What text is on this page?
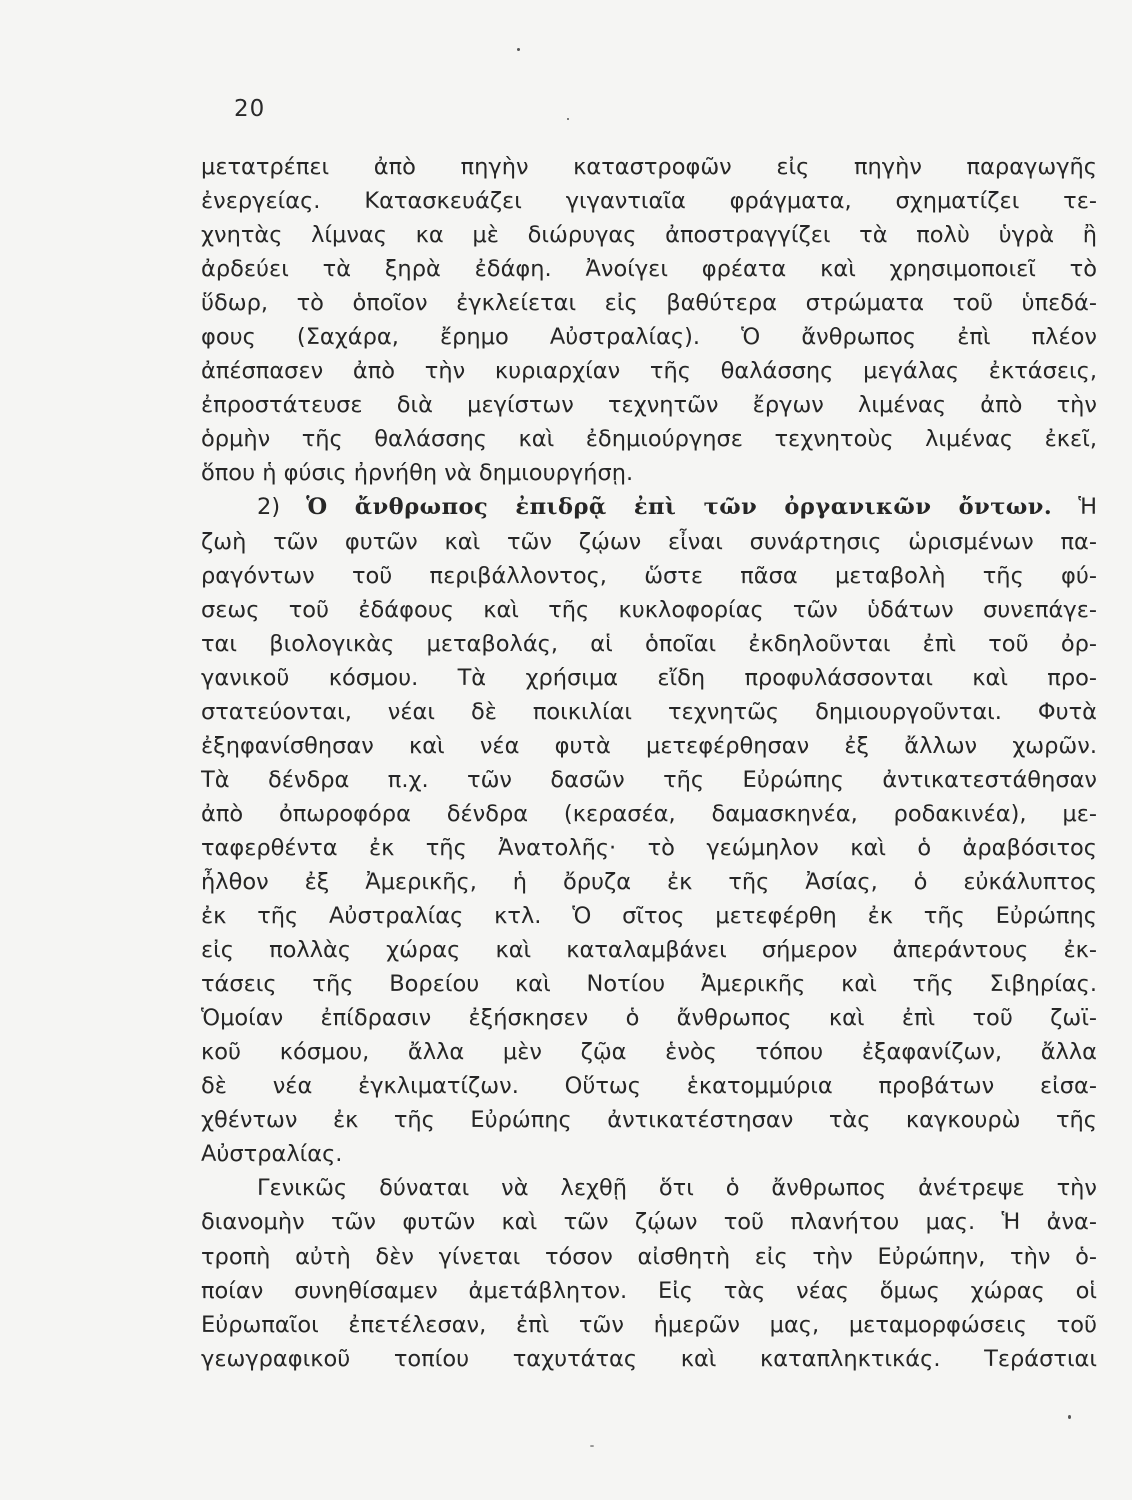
20
μετατρέπει ἀπὸ πηγὴν καταστροφῶν εἰς πηγὴν παραγωγῆς
ἐνεργείας. Κατασκευάζει γιγαντιαῖα φράγματα, σχηματίζει τε-
χνητὰς λίμνας κα μὲ διώρυγας ἀποστραγγίζει τὰ πολὺ ὑγρὰ ἢ
ἀρδεύει τὰ ξηρὰ ἐδάφη. Ἀνοίγει φρέατα καὶ χρησιμοποιεῖ τὸ
ὕδωρ, τὸ ὁποῖον ἐγκλείεται εἰς βαθύτερα στρώματα τοῦ ὑπεδά-
φους (Σαχάρα, ἔρημο Αὐστραλίας). Ὁ ἄνθρωπος ἐπὶ πλέον
ἀπέσπασεν ἀπὸ τὴν κυριαρχίαν τῆς θαλάσσης μεγάλας ἐκτάσεις,
ἐπροστάτευσε διὰ μεγίστων τεχνητῶν ἔργων λιμένας ἀπὸ τὴν
ὁρμὴν τῆς θαλάσσης καὶ ἐδημιούργησε τεχνητοὺς λιμένας ἐκεῖ,
ὅπου ἡ φύσις ἠρνήθη νὰ δημιουργήσῃ.
2) Ὁ ἄνθρωπος ἐπιδρᾷ ἐπὶ τῶν ὀργανικῶν ὄντων. Ἡ
ζωὴ τῶν φυτῶν καὶ τῶν ζῴων εἶναι συνάρτησις ὡρισμένων πα-
ραγόντων τοῦ περιβάλλοντος, ὥστε πᾶσα μεταβολὴ τῆς φύ-
σεως τοῦ ἐδάφους καὶ τῆς κυκλοφορίας τῶν ὑδάτων συνεπάγε-
ται βιολογικὰς μεταβολάς, αἱ ὁποῖαι ἐκδηλοῦνται ἐπὶ τοῦ ὀρ-
γανικοῦ κόσμου. Τὰ χρήσιμα εἴδη προφυλάσσονται καὶ προ-
στατεύονται, νέαι δὲ ποικιλίαι τεχνητῶς δημιουργοῦνται. Φυτὰ
ἐξηφανίσθησαν καὶ νέα φυτὰ μετεφέρθησαν ἐξ ἄλλων χωρῶν.
Τὰ δένδρα π.χ. τῶν δασῶν τῆς Εὐρώπης ἀντικατεστάθησαν
ἀπὸ ὀπωροφόρα δένδρα (κερασέα, δαμασκηνέα, ροδακινέα), με-
ταφερθέντα ἐκ τῆς Ἀνατολῆς· τὸ γεώμηλον καὶ ὁ ἀραβόσιτος
ἦλθον ἐξ Ἀμερικῆς, ἡ ὄρυζα ἐκ τῆς Ἀσίας, ὁ εὐκάλυπτος
ἐκ τῆς Αὐστραλίας κτλ. Ὁ σῖτος μετεφέρθη ἐκ τῆς Εὐρώπης
εἰς πολλὰς χώρας καὶ καταλαμβάνει σήμερον ἀπεράντους ἐκ-
τάσεις τῆς Βορείου καὶ Νοτίου Ἀμερικῆς καὶ τῆς Σιβηρίας.
Ὁμοίαν ἐπίδρασιν ἐξήσκησεν ὁ ἄνθρωπος καὶ ἐπὶ τοῦ ζωϊ-
κοῦ κόσμου, ἄλλα μὲν ζῷα ἑνὸς τόπου ἐξαφανίζων, ἄλλα
δὲ νέα ἐγκλιματίζων. Οὕτως ἑκατομμύρια προβάτων εἰσα-
χθέντων ἐκ τῆς Εὐρώπης ἀντικατέστησαν τὰς καγκουρὼ τῆς
Αὐστραλίας.
Γενικῶς δύναται νὰ λεχθῇ ὅτι ὁ ἄνθρωπος ἀνέτρεψε τὴν
διανομὴν τῶν φυτῶν καὶ τῶν ζῴων τοῦ πλανήτου μας. Ἡ ἀνα-
τροπὴ αὐτὴ δὲν γίνεται τόσον αἰσθητὴ εἰς τὴν Εὐρώπην, τὴν ὁ-
ποίαν συνηθίσαμεν ἀμετάβλητον. Εἰς τὰς νέας ὅμως χώρας οἱ
Εὐρωπαῖοι ἐπετέλεσαν, ἐπὶ τῶν ἡμερῶν μας, μεταμορφώσεις τοῦ
γεωγραφικοῦ τοπίου ταχυτάτας καὶ καταπληκτικάς. Τεράστιαι
